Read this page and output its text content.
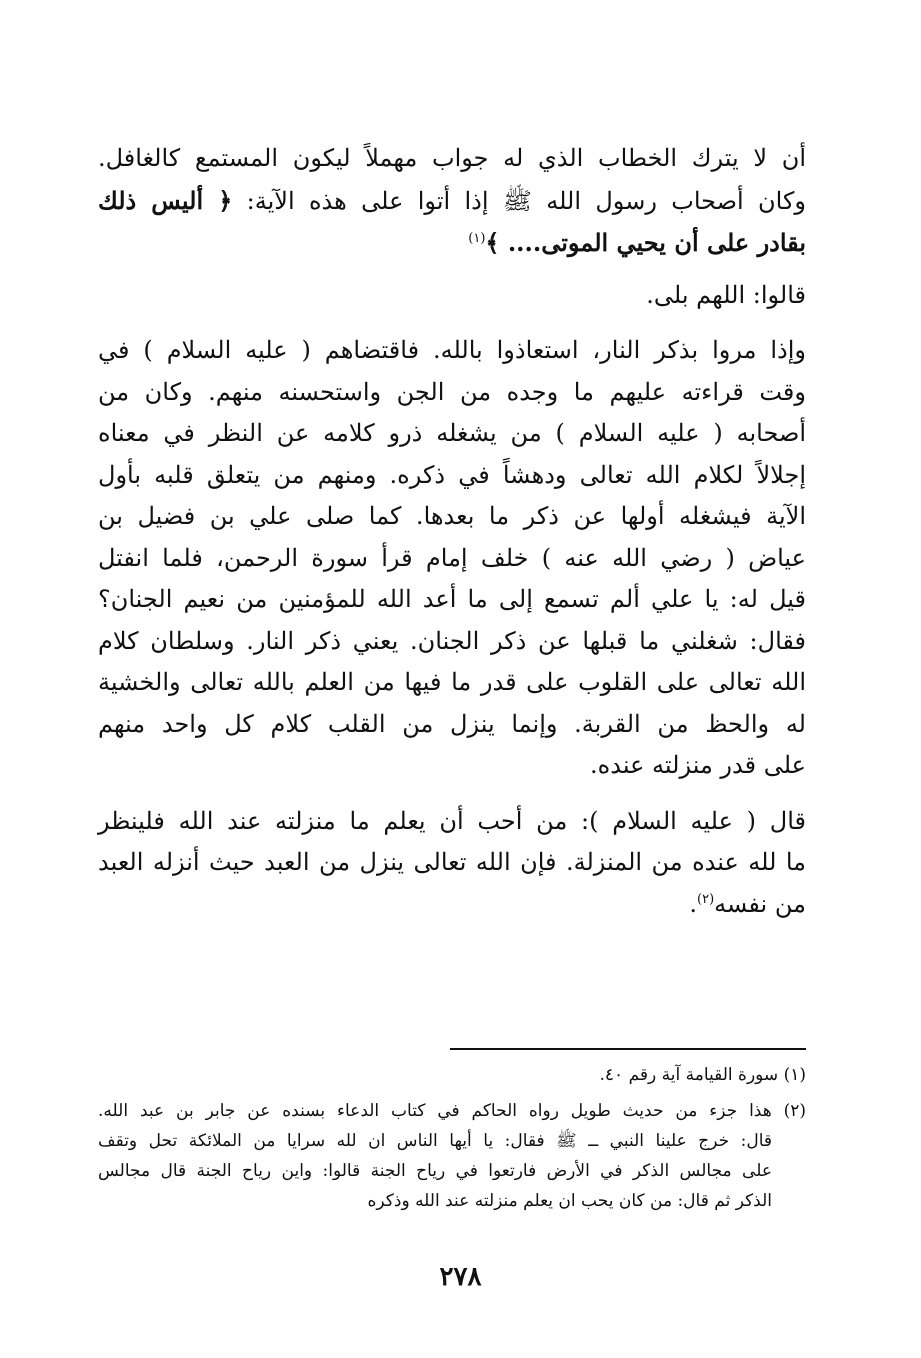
أن لا يترك الخطاب الذي له جواب مهملاً ليكون المستمع كالغافل.
وكان أصحاب رسول الله ﷺ إذا أتوا على هذه الآية: ﴿ أليس ذلك
بقادر على أن يحيي الموتى.... ﴾$^{(١)}$

قالوا: اللهم بلى.

وإذا مروا بذكر النار، استعاذوا بالله. فاقتضاهم ( عليه السلام ) في
وقت قراءته عليهم ما وجده من الجن واستحسنه منهم. وكان من
أصحابه ( عليه السلام ) من يشغله ذرو كلامه عن النظر في معناه
إجلالاً لكلام الله تعالى ودهشاً في ذكره. ومنهم من يتعلق قلبه بأول
الآية فيشغله أولها عن ذكر ما بعدها. كما صلى علي بن فضيل بن
عياض ( رضي الله عنه ) خلف إمام قرأ سورة الرحمن، فلما انفتل
قيل له: يا علي ألم تسمع إلى ما أعد الله للمؤمنين من نعيم الجنان؟
فقال: شغلني ما قبلها عن ذكر الجنان. يعني ذكر النار. وسلطان كلام
الله تعالى على القلوب على قدر ما فيها من العلم بالله تعالى والخشية
له والحظ من القربة. وإنما ينزل من القلب كلام كل واحد منهم
على قدر منزلته عنده.

قال ( عليه السلام ): من أحب أن يعلم ما منزلته عند الله فلينظر
ما لله عنده من المنزلة. فإن الله تعالى ينزل من العبد حيث أنزله العبد
من نفسه$^{(٢)}$.

(١) سورة القيامة آية رقم ٤٠.

(٢) هذا جزء من حديث طويل رواه الحاكم في كتاب الدعاء بسنده عن جابر بن عبد الله.
قال: خرج علينا النبي ــ ﷺ فقال: يا أيها الناس ان لله سرايا من الملائكة تحل وتقف
على مجالس الذكر في الأرض فارتعوا في رياح الجنة قالوا: واين رياح الجنة قال مجالس
الذكر ثم قال: من كان يحب ان يعلم منزلته عند الله وذكره

٢٧٨
